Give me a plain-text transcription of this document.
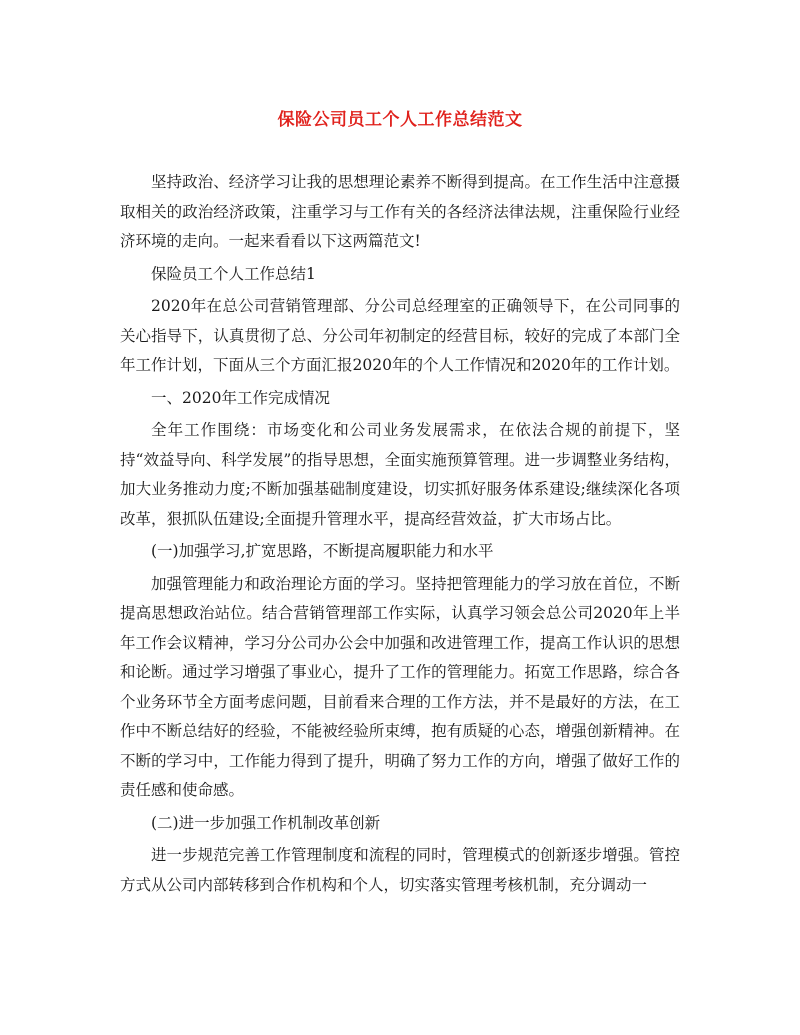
保险公司员工个人工作总结范文

坚持政治、经济学习让我的思想理论素养不断得到提高。在工作生活中注意摄取相关的政治经济政策，注重学习与工作有关的各经济法律法规，注重保险行业经济环境的走向。一起来看看以下这两篇范文!

保险员工个人工作总结1

2020年在总公司营销管理部、分公司总经理室的正确领导下，在公司同事的关心指导下，认真贯彻了总、分公司年初制定的经营目标，较好的完成了本部门全年工作计划，下面从三个方面汇报2020年的个人工作情况和2020年的工作计划。

一、2020年工作完成情况

全年工作围绕：市场变化和公司业务发展需求，在依法合规的前提下，坚持“效益导向、科学发展”的指导思想，全面实施预算管理。进一步调整业务结构，加大业务推动力度;不断加强基础制度建设，切实抓好服务体系建设;继续深化各项改革，狠抓队伍建设;全面提升管理水平，提高经营效益，扩大市场占比。

(一)加强学习,扩宽思路，不断提高履职能力和水平

加强管理能力和政治理论方面的学习。坚持把管理能力的学习放在首位，不断提高思想政治站位。结合营销管理部工作实际，认真学习领会总公司2020年上半年工作会议精神，学习分公司办公会中加强和改进管理工作，提高工作认识的思想和论断。通过学习增强了事业心，提升了工作的管理能力。拓宽工作思路，综合各个业务环节全方面考虑问题，目前看来合理的工作方法，并不是最好的方法，在工作中不断总结好的经验，不能被经验所束缚，抱有质疑的心态，增强创新精神。在不断的学习中，工作能力得到了提升，明确了努力工作的方向，增强了做好工作的责任感和使命感。

(二)进一步加强工作机制改革创新

进一步规范完善工作管理制度和流程的同时，管理模式的创新逐步增强。管控方式从公司内部转移到合作机构和个人，切实落实管理考核机制，充分调动一
